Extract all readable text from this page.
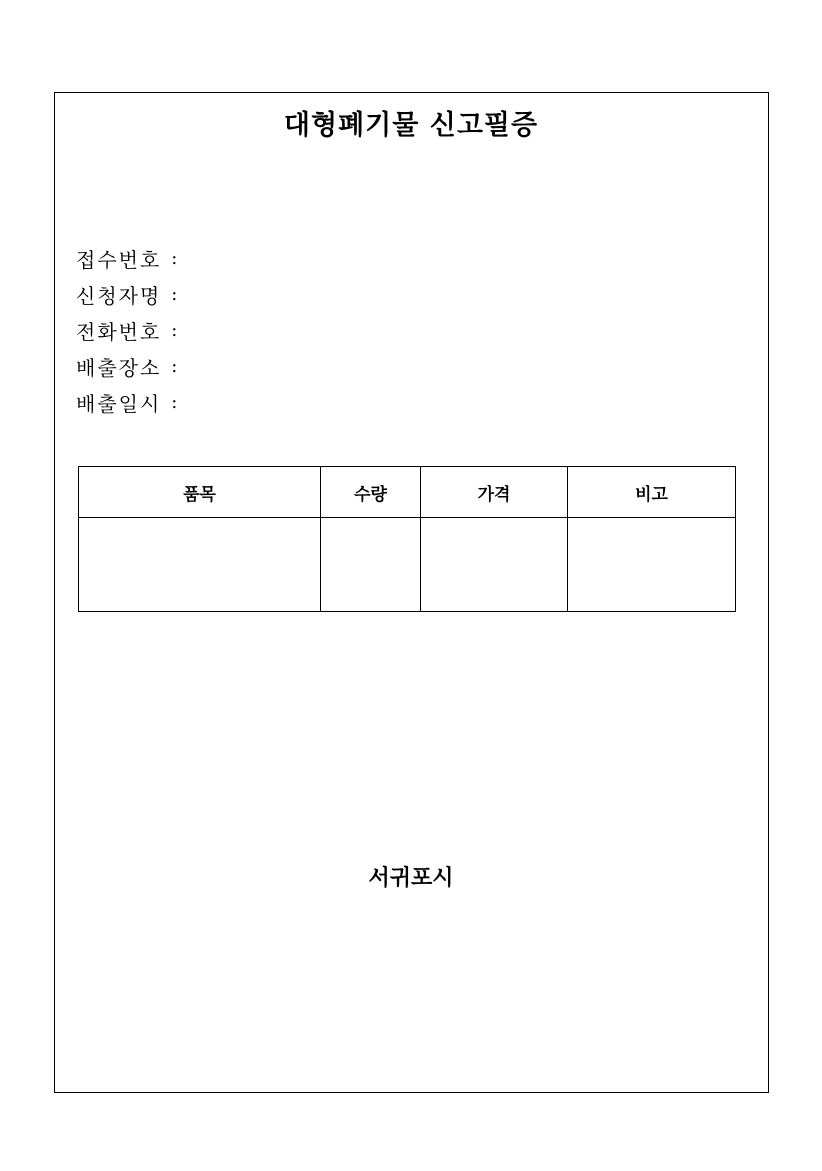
대형폐기물 신고필증
접수번호 :
신청자명 :
전화번호 :
배출장소 :
배출일시 :
품목	수량	가격	비고

서귀포시
